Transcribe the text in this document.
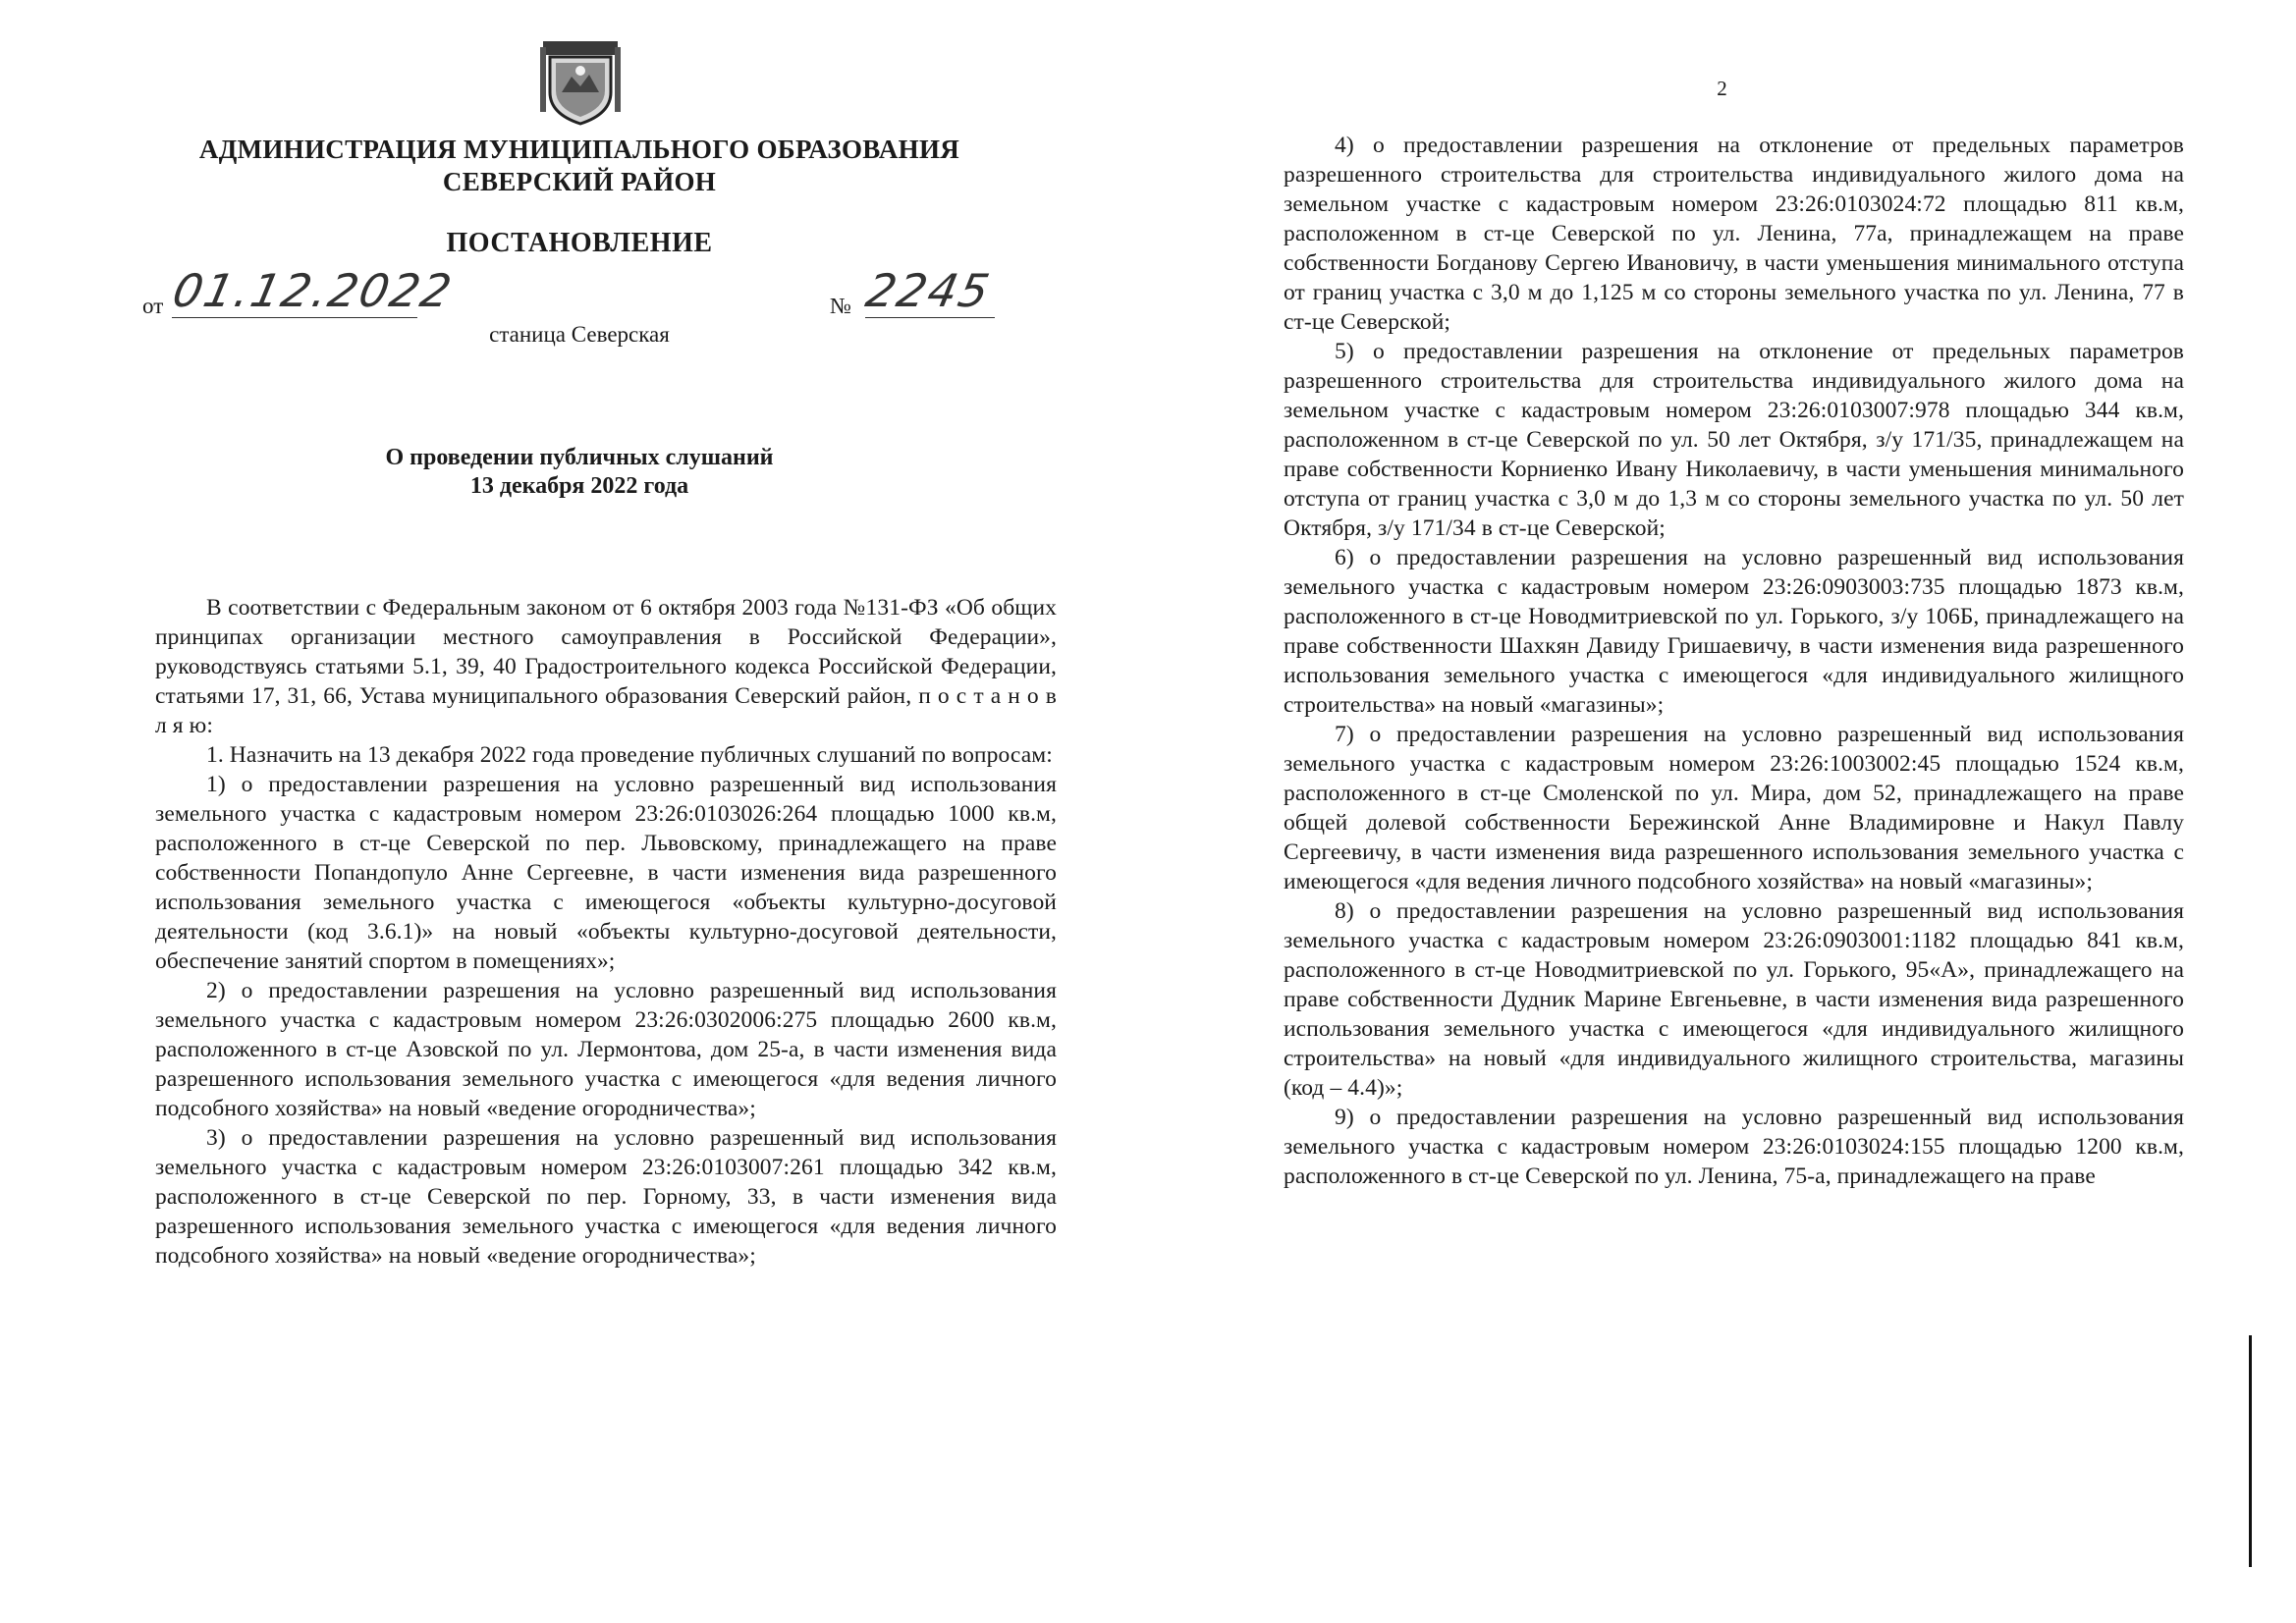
АДМИНИСТРАЦИЯ МУНИЦИПАЛЬНОГО ОБРАЗОВАНИЯ
СЕВЕРСКИЙ РАЙОН
ПОСТАНОВЛЕНИЕ
от 01.12.2022	№ 2245
станица Северская
О проведении публичных слушаний
13 декабря 2022 года

В соответствии с Федеральным законом от 6 октября 2003 года №131-ФЗ «Об общих принципах организации местного самоуправления в Российской Федерации», руководствуясь статьями 5.1, 39, 40 Градостроительного кодекса Российской Федерации, статьями 17, 31, 66, Устава муниципального образования Северский район, п о с т а н о в л я ю:

1. Назначить на 13 декабря 2022 года проведение публичных слушаний по вопросам:

1) о предоставлении разрешения на условно разрешенный вид использования земельного участка с кадастровым номером 23:26:0103026:264 площадью 1000 кв.м, расположенного в ст-це Северской по пер. Львовскому, принадлежащего на праве собственности Попандопуло Анне Сергеевне, в части изменения вида разрешенного использования земельного участка с имеющегося «объекты культурно-досуговой деятельности (код 3.6.1)» на новый «объекты культурно-досуговой деятельности, обеспечение занятий спортом в помещениях»;

2) о предоставлении разрешения на условно разрешенный вид использования земельного участка с кадастровым номером 23:26:0302006:275 площадью 2600 кв.м, расположенного в ст-це Азовской по ул. Лермонтова, дом 25-а, в части изменения вида разрешенного использования земельного участка с имеющегося «для ведения личного подсобного хозяйства» на новый «ведение огородничества»;

3) о предоставлении разрешения на условно разрешенный вид использования земельного участка с кадастровым номером 23:26:0103007:261 площадью 342 кв.м, расположенного в ст-це Северской по пер. Горному, 33, в части изменения вида разрешенного использования земельного участка с имеющегося «для ведения личного подсобного хозяйства» на новый «ведение огородничества»;

2

4) о предоставлении разрешения на отклонение от предельных параметров разрешенного строительства для строительства индивидуального жилого дома на земельном участке с кадастровым номером 23:26:0103024:72 площадью 811 кв.м, расположенном в ст-це Северской по ул. Ленина, 77а, принадлежащем на праве собственности Богданову Сергею Ивановичу, в части уменьшения минимального отступа от границ участка с 3,0 м до 1,125 м со стороны земельного участка по ул. Ленина, 77 в ст-це Северской;

5) о предоставлении разрешения на отклонение от предельных параметров разрешенного строительства для строительства индивидуального жилого дома на земельном участке с кадастровым номером 23:26:0103007:978 площадью 344 кв.м, расположенном в ст-це Северской по ул. 50 лет Октября, з/у 171/35, принадлежащем на праве собственности Корниенко Ивану Николаевичу, в части уменьшения минимального отступа от границ участка с 3,0 м до 1,3 м со стороны земельного участка по ул. 50 лет Октября, з/у 171/34 в ст-це Северской;

6) о предоставлении разрешения на условно разрешенный вид использования земельного участка с кадастровым номером 23:26:0903003:735 площадью 1873 кв.м, расположенного в ст-це Новодмитриевской по ул. Горького, з/у 106Б, принадлежащего на праве собственности Шахкян Давиду Гришаевичу, в части изменения вида разрешенного использования земельного участка с имеющегося «для индивидуального жилищного строительства» на новый «магазины»;

7) о предоставлении разрешения на условно разрешенный вид использования земельного участка с кадастровым номером 23:26:1003002:45 площадью 1524 кв.м, расположенного в ст-це Смоленской по ул. Мира, дом 52, принадлежащего на праве общей долевой собственности Бережинской Анне Владимировне и Накул Павлу Сергеевичу, в части изменения вида разрешенного использования земельного участка с имеющегося «для ведения личного подсобного хозяйства» на новый «магазины»;

8) о предоставлении разрешения на условно разрешенный вид использования земельного участка с кадастровым номером 23:26:0903001:1182 площадью 841 кв.м, расположенного в ст-це Новодмитриевской по ул. Горького, 95«А», принадлежащего на праве собственности Дудник Марине Евгеньевне, в части изменения вида разрешенного использования земельного участка с имеющегося «для индивидуального жилищного строительства» на новый «для индивидуального жилищного строительства, магазины (код – 4.4)»;

9) о предоставлении разрешения на условно разрешенный вид использования земельного участка с кадастровым номером 23:26:0103024:155 площадью 1200 кв.м, расположенного в ст-це Северской по ул. Ленина, 75-а, принадлежащего на праве
